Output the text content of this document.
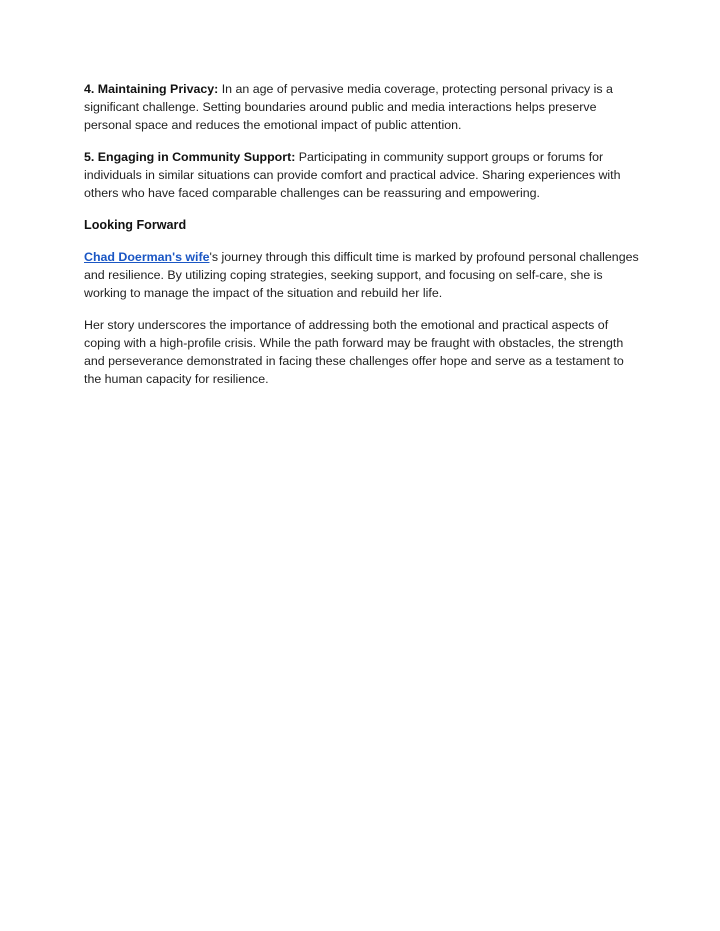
4. Maintaining Privacy: In an age of pervasive media coverage, protecting personal privacy is a significant challenge. Setting boundaries around public and media interactions helps preserve personal space and reduces the emotional impact of public attention.

5. Engaging in Community Support: Participating in community support groups or forums for individuals in similar situations can provide comfort and practical advice. Sharing experiences with others who have faced comparable challenges can be reassuring and empowering.

Looking Forward

Chad Doerman's wife's journey through this difficult time is marked by profound personal challenges and resilience. By utilizing coping strategies, seeking support, and focusing on self-care, she is working to manage the impact of the situation and rebuild her life.

Her story underscores the importance of addressing both the emotional and practical aspects of coping with a high-profile crisis. While the path forward may be fraught with obstacles, the strength and perseverance demonstrated in facing these challenges offer hope and serve as a testament to the human capacity for resilience.
